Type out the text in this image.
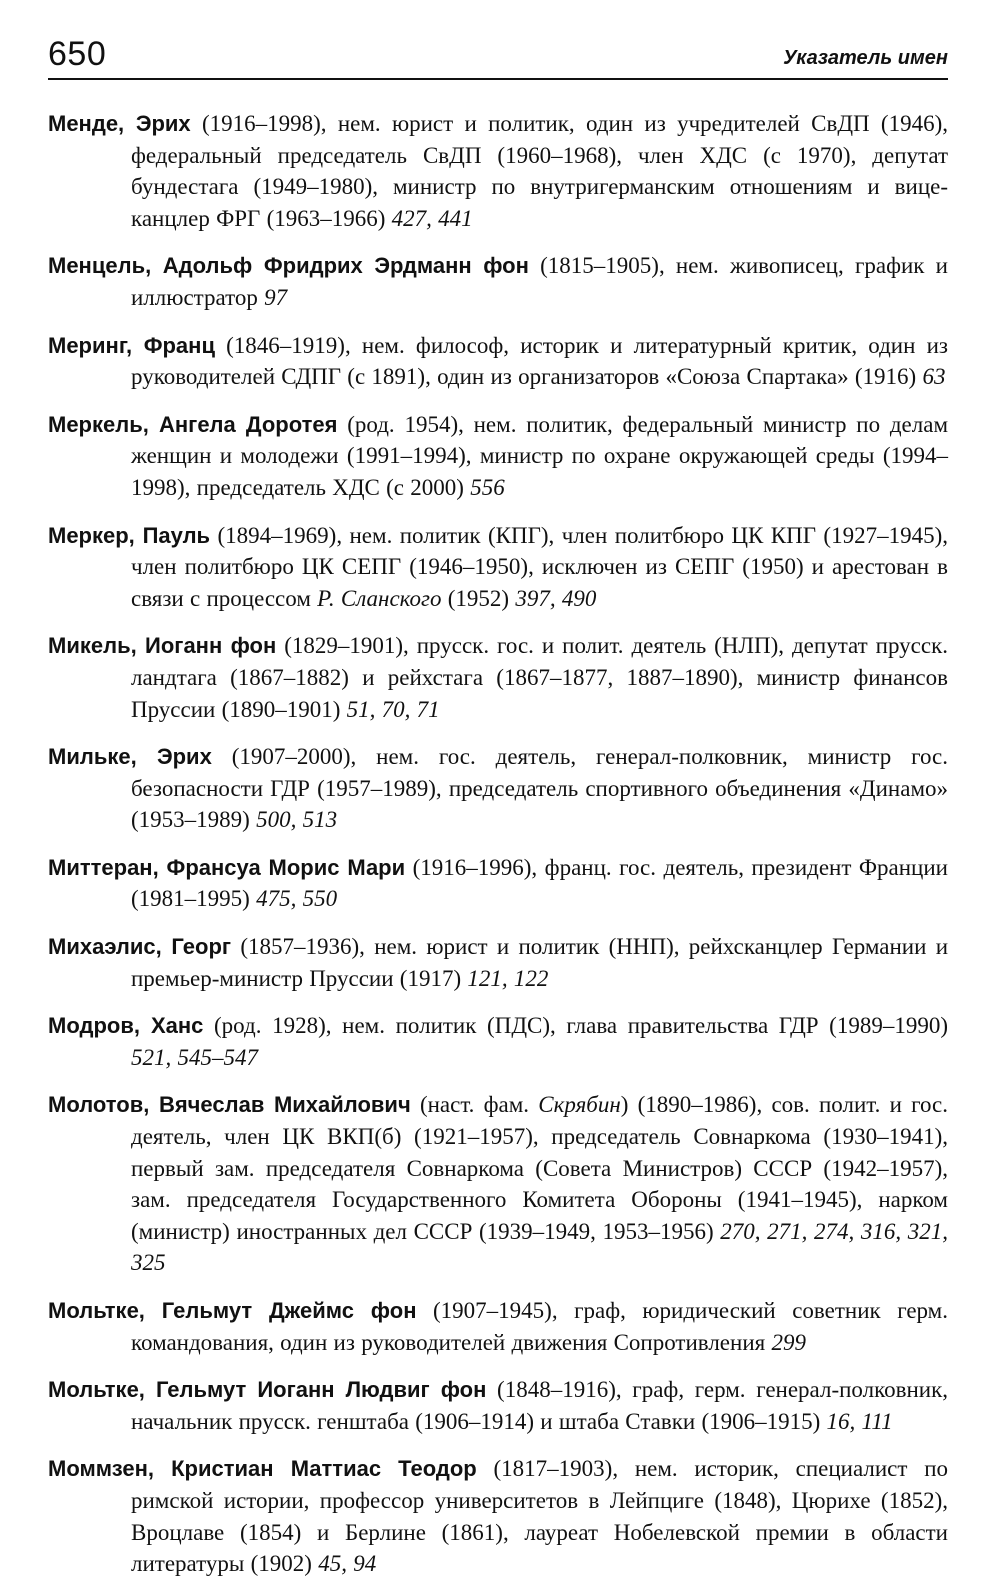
650	Указатель имен

Менде, Эрих (1916–1998), нем. юрист и политик, один из учредителей СвДП (1946), федеральный председатель СвДП (1960–1968), член ХДС (с 1970), депутат бундестага (1949–1980), министр по внутригерманским отношениям и вице-канцлер ФРГ (1963–1966) 427, 441

Менцель, Адольф Фридрих Эрдманн фон (1815–1905), нем. живописец, график и иллюстратор 97

Меринг, Франц (1846–1919), нем. философ, историк и литературный критик, один из руководителей СДПГ (с 1891), один из организаторов «Союза Спартака» (1916) 63

Меркель, Ангела Доротея (род. 1954), нем. политик, федеральный министр по делам женщин и молодежи (1991–1994), министр по охране окружающей среды (1994–1998), председатель ХДС (с 2000) 556

Меркер, Пауль (1894–1969), нем. политик (КПГ), член политбюро ЦК КПГ (1927–1945), член политбюро ЦК СЕПГ (1946–1950), исключен из СЕПГ (1950) и арестован в связи с процессом Р. Сланского (1952) 397, 490

Микель, Иоганн фон (1829–1901), прусск. гос. и полит. деятель (НЛП), депутат прусск. ландтага (1867–1882) и рейхстага (1867–1877, 1887–1890), министр финансов Пруссии (1890–1901) 51, 70, 71

Мильке, Эрих (1907–2000), нем. гос. деятель, генерал-полковник, министр гос. безопасности ГДР (1957–1989), председатель спортивного объединения «Динамо» (1953–1989) 500, 513

Миттеран, Франсуа Морис Мари (1916–1996), франц. гос. деятель, президент Франции (1981–1995) 475, 550

Михаэлис, Георг (1857–1936), нем. юрист и политик (ННП), рейхсканцлер Германии и премьер-министр Пруссии (1917) 121, 122

Модров, Ханс (род. 1928), нем. политик (ПДС), глава правительства ГДР (1989–1990) 521, 545–547

Молотов, Вячеслав Михайлович (наст. фам. Скрябин) (1890–1986), сов. полит. и гос. деятель, член ЦК ВКП(б) (1921–1957), председатель Совнаркома (1930–1941), первый зам. председателя Совнаркома (Совета Министров) СССР (1942–1957), зам. председателя Государственного Комитета Обороны (1941–1945), нарком (министр) иностранных дел СССР (1939–1949, 1953–1956) 270, 271, 274, 316, 321, 325

Мольтке, Гельмут Джеймс фон (1907–1945), граф, юридический советник герм. командования, один из руководителей движения Сопротивления 299

Мольтке, Гельмут Иоганн Людвиг фон (1848–1916), граф, герм. генерал-полковник, начальник прусск. генштаба (1906–1914) и штаба Ставки (1906–1915) 16, 111

Моммзен, Кристиан Маттиас Теодор (1817–1903), нем. историк, специалист по римской истории, профессор университетов в Лейпциге (1848), Цюрихе (1852), Вроцлаве (1854) и Берлине (1861), лауреат Нобелевской премии в области литературы (1902) 45, 94
